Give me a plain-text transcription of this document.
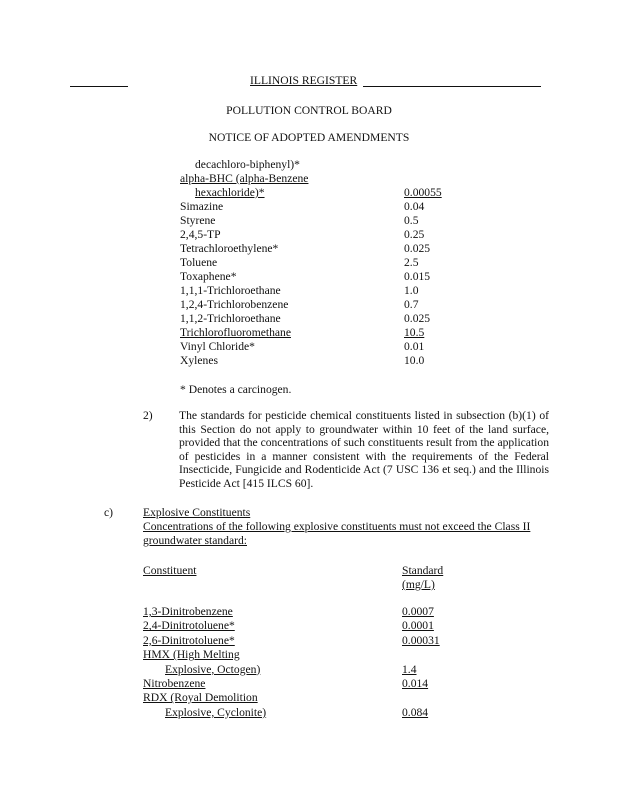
ILLINOIS REGISTER
POLLUTION CONTROL BOARD
NOTICE OF ADOPTED AMENDMENTS
decachloro-biphenyl)*
alpha-BHC (alpha-Benzene
hexachloride)*	0.00055
Simazine	0.04
Styrene	0.5
2,4,5-TP	0.25
Tetrachloroethylene*	0.025
Toluene	2.5
Toxaphene*	0.015
1,1,1-Trichloroethane	1.0
1,2,4-Trichlorobenzene	0.7
1,1,2-Trichloroethane	0.025
Trichlorofluoromethane	10.5
Vinyl Chloride*	0.01
Xylenes	10.0
* Denotes a carcinogen.
2) The standards for pesticide chemical constituents listed in subsection (b)(1) of this Section do not apply to groundwater within 10 feet of the land surface, provided that the concentrations of such constituents result from the application of pesticides in a manner consistent with the requirements of the Federal Insecticide, Fungicide and Rodenticide Act (7 USC 136 et seq.) and the Illinois Pesticide Act [415 ILCS 60].
c)	Explosive Constituents
Concentrations of the following explosive constituents must not exceed the Class II groundwater standard:
Constituent	Standard
(mg/L)
1,3-Dinitrobenzene	0.0007
2,4-Dinitrotoluene*	0.0001
2,6-Dinitrotoluene*	0.00031
HMX (High Melting
Explosive, Octogen)	1.4
Nitrobenzene	0.014
RDX (Royal Demolition
Explosive, Cyclonite)	0.084
